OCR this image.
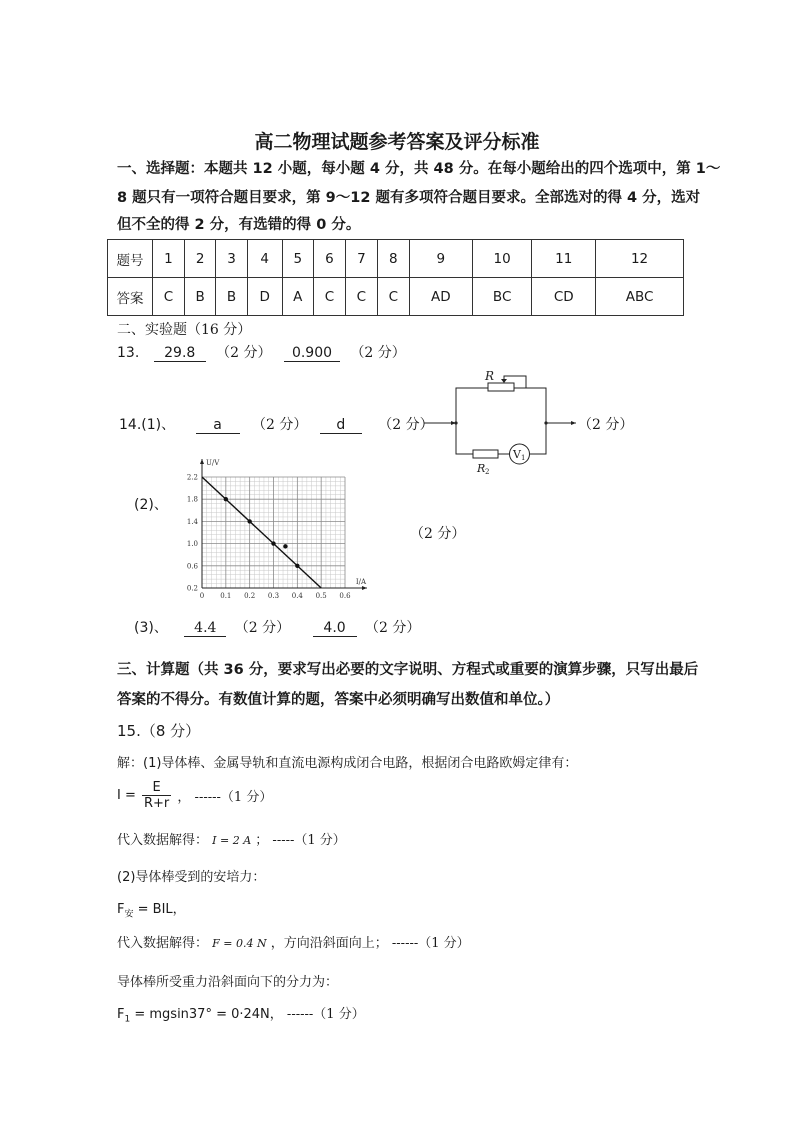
高二物理试题参考答案及评分标准
一、选择题：本题共 12 小题，每小题 4 分，共 48 分。在每小题给出的四个选项中，第 1～
8 题只有一项符合题目要求，第 9～12 题有多项符合题目要求。全部选对的得 4 分，选对
但不全的得 2 分，有选错的得 0 分。
题号	1	2	3	4	5	6	7	8	9	10	11	12
答案	C	B	B	D	A	C	C	C	AD	BC	CD	ABC
二、实验题（16 分）
13. 29.8 （2 分） 0.900 （2 分）
14.(1)、	a （2 分） d （2 分）
R
R 2
V 1
（2 分）
(2)、
0 0.1 0.2 0.3 0.4 0.5 0.6
2.2
1.8
1.4
1.0
0.6
0.2
I/A
U/V
（2 分）
(3)、 4.4 （2 分） 4.0 （2 分）
三、计算题（共 36 分，要求写出必要的文字说明、方程式或重要的演算步骤，只写出最后
答案的不得分。有数值计算的题，答案中必须明确写出数值和单位。）
15.（8 分）
解：(1)导体棒、金属导轨和直流电源构成闭合电路，根据闭合电路欧姆定律有：
$I = \frac{E}{R+r}$ ， ------（1 分）
代入数据解得： I = 2 A ； -----（1 分）
(2)导体棒受到的安培力：
$F_安$ = BIL，
代入数据解得： F = 0.4 N ，方向沿斜面向上； ------（1 分）
导体棒所受重力沿斜面向下的分力为：
$F_1 = mgsin37^\circ = 0\cdot 24N$， ------（1 分）
